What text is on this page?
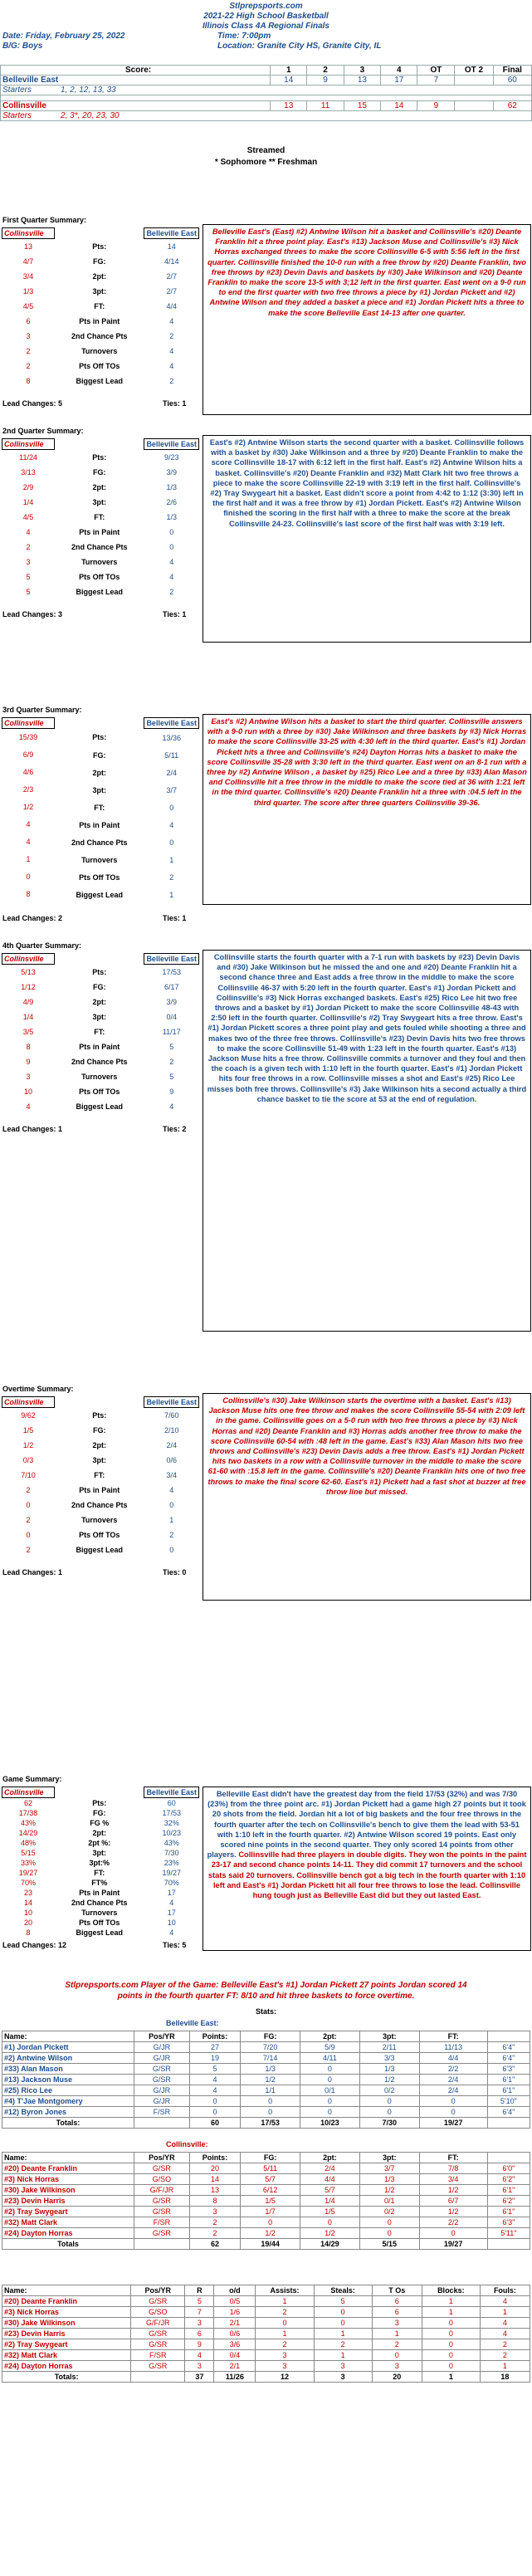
Stlprepsports.com
2021-22 High School Basketball
Illinois Class 4A Regional Finals
Date: Friday, February 25, 2022	Time: 7:00pm
B/G: Boys	Location: Granite City HS, Granite City, IL
Score:	1	2	3	4	OT	OT 2	Final
Belleville East	14	9	13	17	7		60
Starters 1, 2, 12, 13, 33							

Collinsville	13	11	15	14	9		62
Starters 2, 3*, 20, 23, 30							
Streamed
* Sophomore ** Freshman
First Quarter Summary:
Collinsville		Belleville East
13	Pts:	14
4/7	FG:	4/14
3/4	2pt:	2/7
1/3	3pt:	2/7
4/5	FT:	4/4
6	Pts in Paint	4
3	2nd Chance Pts	2
2	Turnovers	4
2	Pts Off TOs	4
8	Biggest Lead	2
Lead Changes: 5	Ties: 1
Belleville East's (East) #2) Antwine Wilson hit a basket and Collinsville's #20) Deante Franklin hit a three point play. East's #13) Jackson Muse and Collinsville's #3) Nick Horras exchanged threes to make the score Collinsville 6-5 with 5:56 left in the first quarter. Collinsville finished the 10-0 run with a free throw by #20) Deante Franklin, two free throws by #23) Devin Davis and baskets by #30) Jake Wilkinson and #20) Deante Franklin to make the score 13-5 with 3;12 left in the first quarter. East went on a 9-0 run to end the first quarter with two free throws a piece by #1) Jordan Pickett and #2) Antwine Wilson and they added a basket a piece and #1) Jordan Pickett hits a three to make the score Belleville East 14-13 after one quarter.
2nd Quarter Summary:
Collinsville		Belleville East
11/24	Pts:	9/23
3/13	FG:	3/9
2/9	2pt:	1/3
1/4	3pt:	2/6
4/5	FT:	1/3
4	Pts in Paint	0
2	2nd Chance Pts	0
3	Turnovers	4
5	Pts Off TOs	4
5	Biggest Lead	2
Lead Changes: 3	Ties: 1
East's #2) Antwine Wilson starts the second quarter with a basket. Collinsville follows with a basket by #30) Jake Wilkinson and a three by #20) Deante Franklin to make the score Collinsville 18-17 with 6:12 left in the first half. East's #2) Antwine Wilson hits a basket. Collinsville's #20) Deante Franklin and #32) Matt Clark hit two free throws a piece to make the score Collinsville 22-19 with 3:19 left in the first half. Collinsville's #2) Tray Swygeart hit a basket. East didn't score a point from 4:42 to 1:12 (3:30) left in the first half and it was a free throw by #1) Jordan Pickett. East's #2) Antwine Wilson finished the scoring in the first half with a three to make the score at the break Collinsville 24-23. Collinsville's last score of the first half was with 3:19 left.
3rd Quarter Summary:
Collinsville		Belleville East
15/39	Pts:	13/36
6/9	FG:	5/11
4/6	2pt:	2/4
2/3	3pt:	3/7
1/2	FT:	0
4	Pts in Paint	4
4	2nd Chance Pts	0
1	Turnovers	1
0	Pts Off TOs	2
8	Biggest Lead	1
Lead Changes: 2	Ties: 1
East's #2) Antwine Wilson hits a basket to start the third quarter. Collinsville answers with a 9-0 run with a three by #30) Jake Wilkinson and three baskets by #3) Nick Horras to make the score Collinsville 33-25 with 4:30 left in the third quarter. East's #1) Jordan Pickett hits a three and Collinsville's #24) Dayton Horras hits a basket to make the score Collinsville 35-28 with 3:30 left in the third quarter. East went on an 8-1 run with a three by #2) Antwine Wilson , a basket by #25) Rico Lee and a three by #33) Alan Mason and Collinsville hit a free throw in the middle to make the score tied at 36 with 1:21 left in the third quarter. Collinsville's #20) Deante Franklin hit a three with :04.5 left in the third quarter. The score after three quarters Collinsville 39-36.
4th Quarter Summary:
Collinsville		Belleville East
5/13	Pts:	17/53
1/12	FG:	6/17
4/9	2pt:	3/9
1/4	3pt:	0/4
3/5	FT:	11/17
8	Pts in Paint	5
9	2nd Chance Pts	2
3	Turnovers	5
10	Pts Off TOs	9
4	Biggest Lead	4
Lead Changes: 1	Ties: 2
Collinsville starts the fourth quarter with a 7-1 run with baskets by #23) Devin Davis and #30) Jake Wilkinson but he missed the and one and #20) Deante Franklin hit a second chance three and East adds a free throw in the middle to make the score Collinsville 46-37 with 5:20 left in the fourth quarter. East's #1) Jordan Pickett and Collinsville's #3) Nick Horras exchanged baskets. East's #25) Rico Lee hit two free throws and a basket by #1) Jordan Pickett to make the score Collinsville 48-43 with 2:50 left in the fourth quarter. Collinsville's #2) Tray Swygeart hits a free throw. East's #1) Jordan Pickett scores a three point play and gets fouled while shooting a three and makes two of the three free throws. Collinsville's #23) Devin Davis hits two free throws to make the score Collinsville 51-49 with 1:23 left in the fourth quarter. East's #13) Jackson Muse hits a free throw. Collinsville commits a turnover and they foul and then the coach is a given tech with 1:10 left in the fourth quarter. East's #1) Jordan Pickett hits four free throws in a row. Collinsville misses a shot and East's #25) Rico Lee misses both free throws. Collinsville's #3) Jake Wilkinson hits a second actually a third chance basket to tie the score at 53 at the end of regulation.
Overtime Summary:
Collinsville		Belleville East
9/62	Pts:	7/60
1/5	FG:	2/10
1/2	2pt:	2/4
0/3	3pt:	0/6
7/10	FT:	3/4
2	Pts in Paint	4
0	2nd Chance Pts	0
2	Turnovers	1
0	Pts Off TOs	2
2	Biggest Lead	0
Lead Changes: 1	Ties: 0
Collinsville's #30) Jake Wilkinson starts the overtime with a basket. East's #13) Jackson Muse hits one free throw and makes the score Collinsville 55-54 with 2:09 left in the game. Collinsville goes on a 5-0 run with two free throws a piece by #3) Nick Horras and #20) Deante Franklin and #3) Horras adds another free throw to make the score Collinsville 60-54 with :48 left in the game. East's #33) Alan Mason hits two free throws and Collinsville's #23) Devin Davis adds a free throw. East's #1) Jordan Pickett hits two baskets in a row with a Collinsville turnover in the middle to make the score 61-60 with :15.8 left in the game. Collinsville's #20) Deante Franklin hits one of two free throws to make the final score 62-60. East's #1) Pickett had a fast shot at buzzer at free throw line but missed.
Game Summary:
Collinsville		Belleville East
62	Pts:	60
17/38	FG:	17/53
43%	FG %	32%
14/29	2pt:	10/23
48%	2pt %:	43%
5/15	3pt:	7/30
33%	3pt:%	23%
19/27	FT:	19/27
70%	FT%	70%
23	Pts in Paint	17
14	2nd Chance Pts	4
10	Turnovers	17
20	Pts Off TOs	10
8	Biggest Lead	4
Lead Changes: 12	Ties: 5
Belleville East didn't have the greatest day from the field 17/53 (32%) and was 7/30 (23%) from the three point arc. #1) Jordan Pickett had a game high 27 points but it took 20 shots from the field. Jordan hit a lot of big baskets and the four free throws in the fourth quarter after the tech on Collinsville's bench to give them the lead with 53-51 with 1:10 left in the fourth quarter. #2) Antwine Wilson scored 19 points. East only scored nine points in the second quarter. They only scored 14 points from other players. Collinsville had three players in double digits. They won the points in the paint 23-17 and second chance points 14-11. They did commit 17 turnovers and the school stats said 20 turnovers. Collinsville bench got a big tech in the fourth quarter with 1:10 left and East's #1) Jordan Pickett hit all four free throws to lose the lead. Collinsville hung tough just as Belleville East did but they out lasted East.
Stlprepsports.com Player of the Game: Belleville East's #1) Jordan Pickett 27 points Jordan scored 14
points in the fourth quarter FT: 8/10 and hit three baskets to force overtime.
Stats:
Belleville East:
Name:	Pos/YR	Points:	FG:	2pt:	3pt:	FT:	
#1) Jordan Pickett	G/JR	27	7/20	5/9	2/11	11/13	6'4"
#2) Antwine Wilson	G/JR	19	7/14	4/11	3/3	4/4	6'4"
#33) Alan Mason	G/SR	5	1/3	0	1/3	2/2	6'3"
#13) Jackson Muse	G/SR	4	1/2	0	1/2	2/4	6'1"
#25) Rico Lee	G/JR	4	1/1	0/1	0/2	2/4	6'1"
#4) T'Jae Montgomery	G/JR	0	0	0	0	0	5'10"
#12) Byron Jones	F/SR	0	0	0	0	0	6'4"
Totals:		60	17/53	10/23	7/30	19/27	
Collinsville:
Name:	Pos/YR	Points:	FG:	2pt:	3pt:	FT:	
#20) Deante Franklin	G/SR	20	5/11	2/4	3/7	7/8	6'0"
#3) Nick Horras	G/SO	14	5/7	4/4	1/3	3/4	6'2"
#30) Jake Wilkinson	G/F/JR	13	6/12	5/7	1/2	1/2	6'1"
#23) Devin Harris	G/SR	8	1/5	1/4	0/1	6/7	6'2"
#2) Tray Swygeart	G/SR	3	1/7	1/5	0/2	1/2	6'1"
#32) Matt Clark	F/SR	2	0	0	0	2/2	6'3"
#24) Dayton Horras	G/SR	2	1/2	1/2	0	0	5'11"
Totals		62	19/44	14/29	5/15	19/27	
Name:	Pos/YR	R	o/d	Assists:	Steals:	T Os	Blocks:	Fouls:
#20) Deante Franklin	G/SR	5	0/5	1	5	6	1	4
#3) Nick Horras	G/SO	7	1/6	2	0	6	1	1
#30) Jake Wilkinson	G/F/JR	3	2/1	0	0	3	0	4
#23) Devin Harris	G/SR	6	0/6	1	1	1	0	4
#2) Tray Swygeart	G/SR	9	3/6	2	2	2	0	2
#32) Matt Clark	F/SR	4	0/4	3	1	0	0	2
#24) Dayton Horras	G/SR	3	2/1	3	3	3	0	1
Totals:		37	11/26	12	3	20	1	18
